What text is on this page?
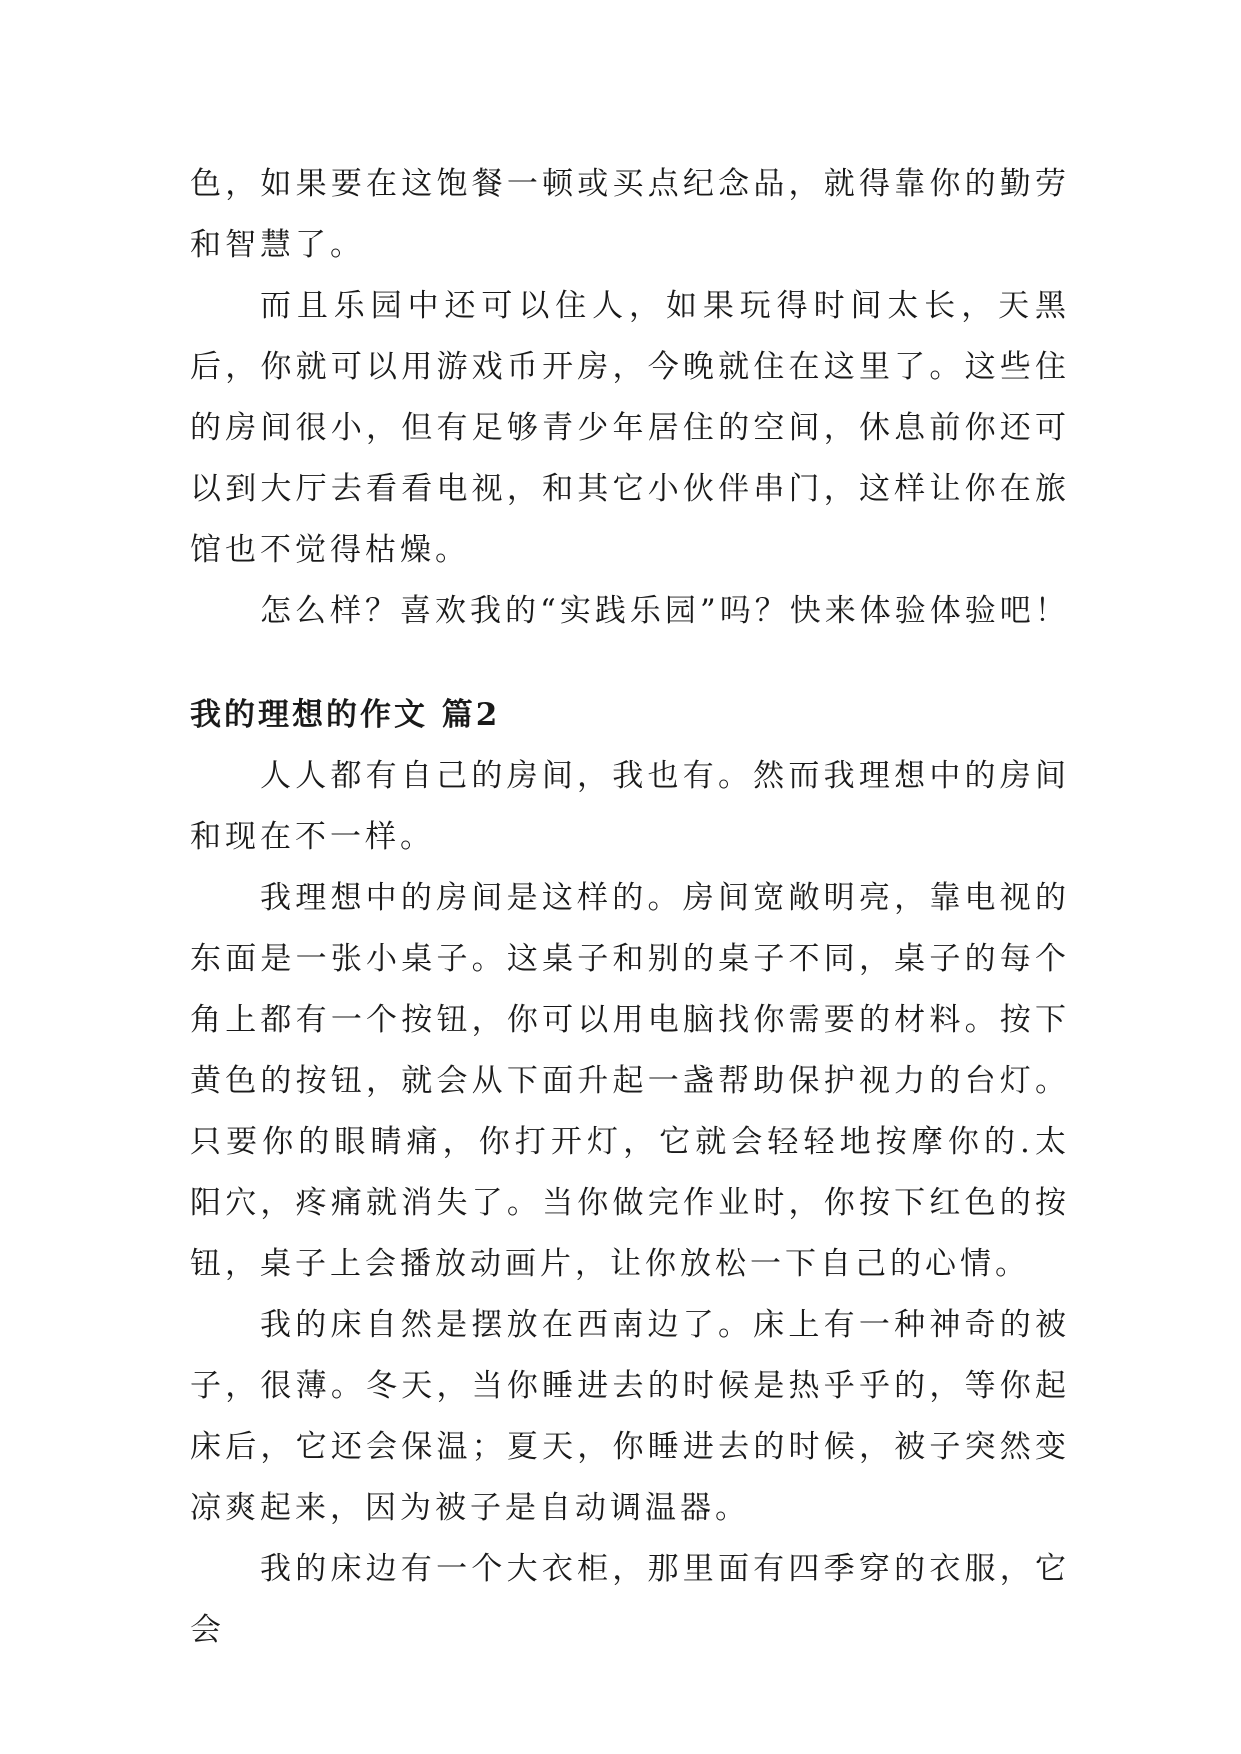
色，如果要在这饱餐一顿或买点纪念品，就得靠你的勤劳和智慧了。

而且乐园中还可以住人，如果玩得时间太长，天黑后，你就可以用游戏币开房，今晚就住在这里了。这些住的房间很小，但有足够青少年居住的空间，休息前你还可以到大厅去看看电视，和其它小伙伴串门，这样让你在旅馆也不觉得枯燥。

怎么样？喜欢我的“实践乐园”吗？快来体验体验吧！

我的理想的作文 篇2

人人都有自己的房间，我也有。然而我理想中的房间和现在不一样。

我理想中的房间是这样的。房间宽敞明亮，靠电视的东面是一张小桌子。这桌子和别的桌子不同，桌子的每个角上都有一个按钮，你可以用电脑找你需要的材料。按下黄色的按钮，就会从下面升起一盏帮助保护视力的台灯。只要你的眼睛痛，你打开灯，它就会轻轻地按摩你的.太阳穴，疼痛就消失了。当你做完作业时，你按下红色的按钮，桌子上会播放动画片，让你放松一下自己的心情。

我的床自然是摆放在西南边了。床上有一种神奇的被子，很薄。冬天，当你睡进去的时候是热乎乎的，等你起床后，它还会保温；夏天，你睡进去的时候，被子突然变凉爽起来，因为被子是自动调温器。

我的床边有一个大衣柜，那里面有四季穿的衣服，它会
